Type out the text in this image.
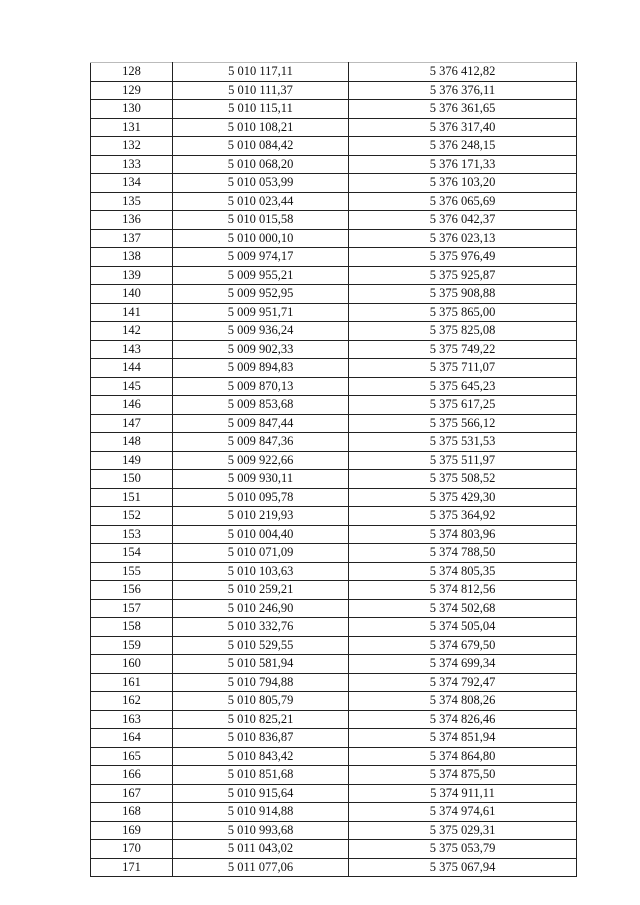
128	5 010 117,11	5 376 412,82
129	5 010 111,37	5 376 376,11
130	5 010 115,11	5 376 361,65
131	5 010 108,21	5 376 317,40
132	5 010 084,42	5 376 248,15
133	5 010 068,20	5 376 171,33
134	5 010 053,99	5 376 103,20
135	5 010 023,44	5 376 065,69
136	5 010 015,58	5 376 042,37
137	5 010 000,10	5 376 023,13
138	5 009 974,17	5 375 976,49
139	5 009 955,21	5 375 925,87
140	5 009 952,95	5 375 908,88
141	5 009 951,71	5 375 865,00
142	5 009 936,24	5 375 825,08
143	5 009 902,33	5 375 749,22
144	5 009 894,83	5 375 711,07
145	5 009 870,13	5 375 645,23
146	5 009 853,68	5 375 617,25
147	5 009 847,44	5 375 566,12
148	5 009 847,36	5 375 531,53
149	5 009 922,66	5 375 511,97
150	5 009 930,11	5 375 508,52
151	5 010 095,78	5 375 429,30
152	5 010 219,93	5 375 364,92
153	5 010 004,40	5 374 803,96
154	5 010 071,09	5 374 788,50
155	5 010 103,63	5 374 805,35
156	5 010 259,21	5 374 812,56
157	5 010 246,90	5 374 502,68
158	5 010 332,76	5 374 505,04
159	5 010 529,55	5 374 679,50
160	5 010 581,94	5 374 699,34
161	5 010 794,88	5 374 792,47
162	5 010 805,79	5 374 808,26
163	5 010 825,21	5 374 826,46
164	5 010 836,87	5 374 851,94
165	5 010 843,42	5 374 864,80
166	5 010 851,68	5 374 875,50
167	5 010 915,64	5 374 911,11
168	5 010 914,88	5 374 974,61
169	5 010 993,68	5 375 029,31
170	5 011 043,02	5 375 053,79
171	5 011 077,06	5 375 067,94
